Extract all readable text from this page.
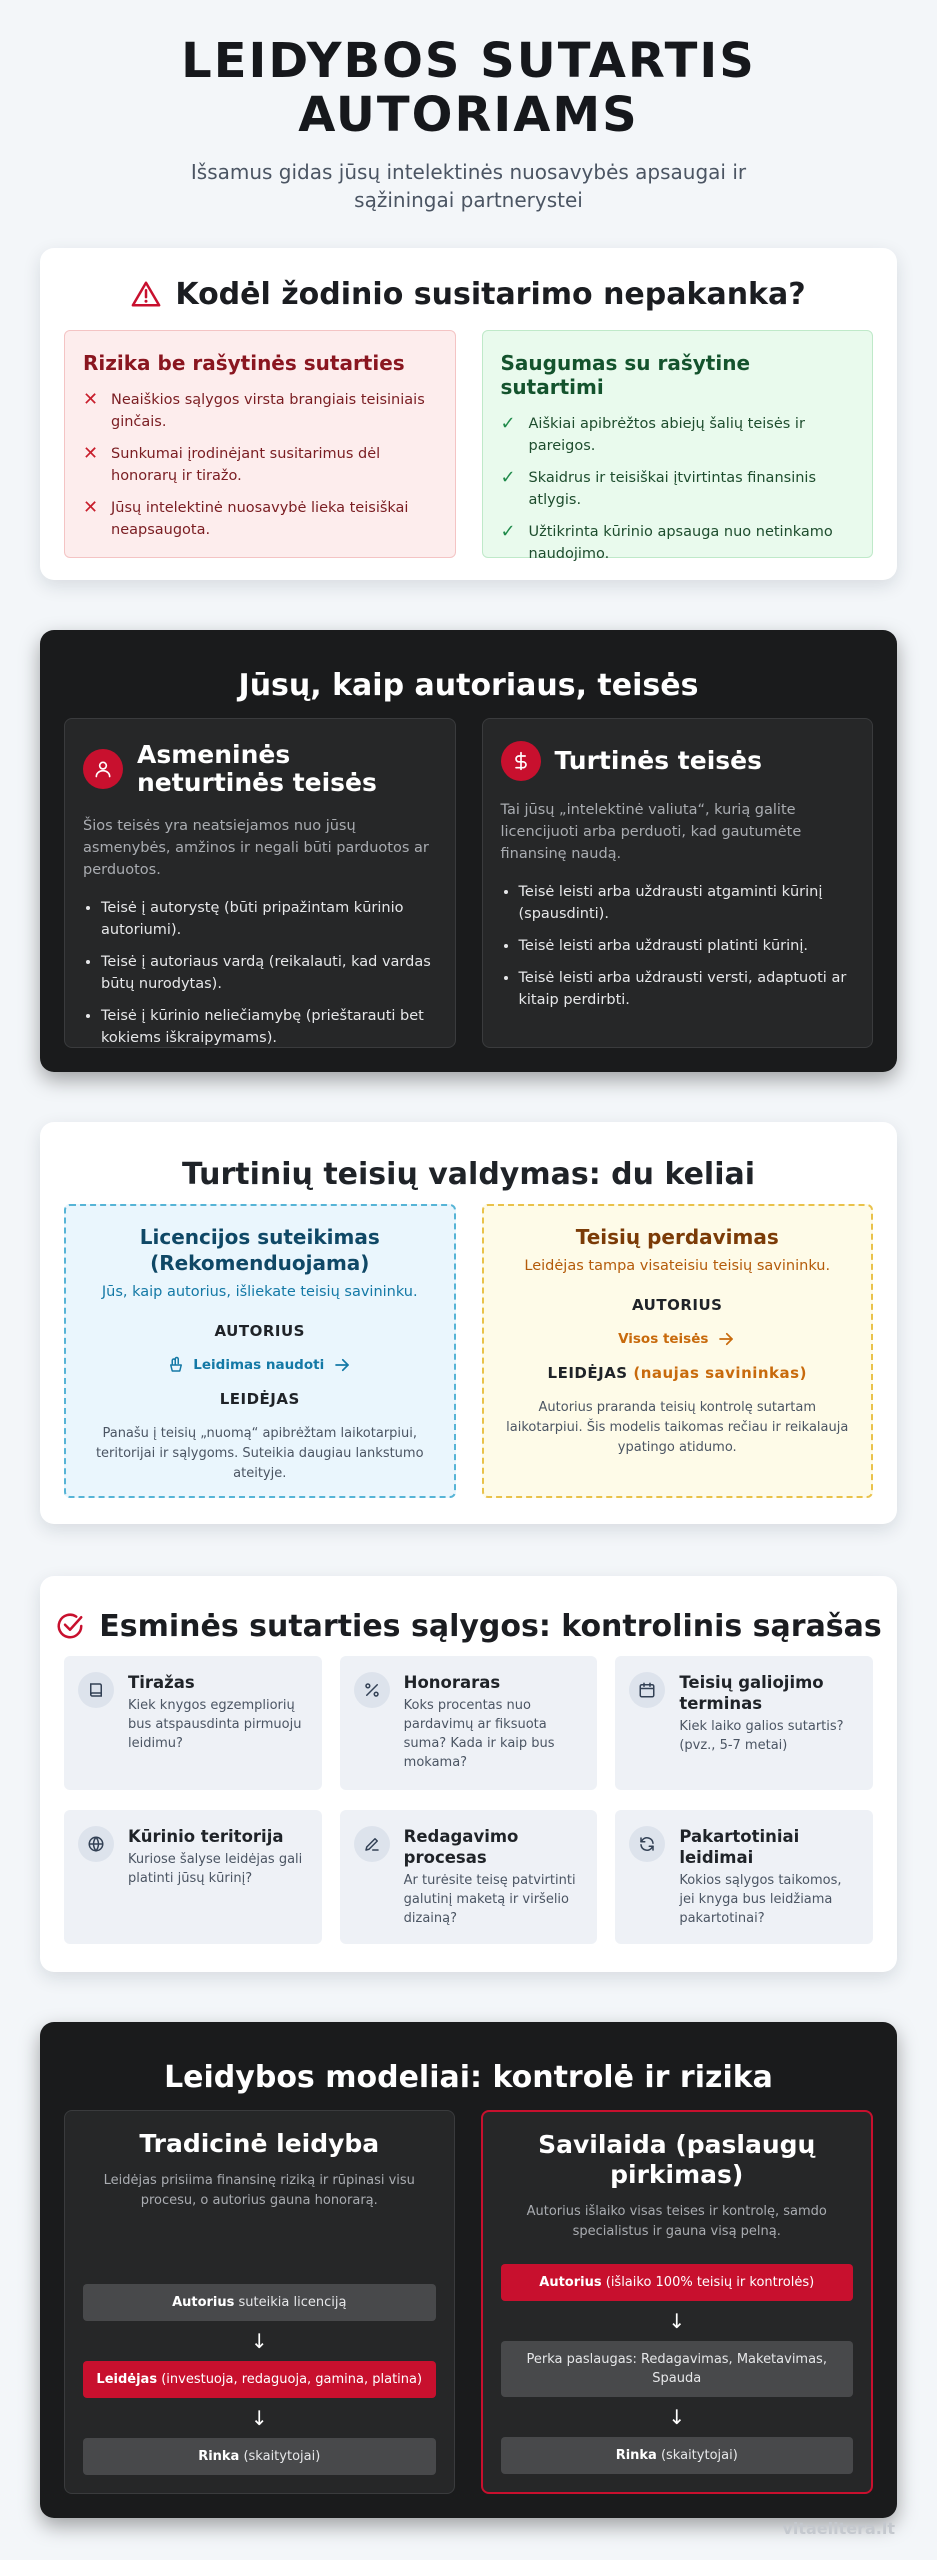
LEIDYBOS SUTARTIS AUTORIAMS

Išsamus gidas jūsų intelektinės nuosavybės apsaugai ir sąžiningai partnerystei

Kodėl žodinio susitarimo nepakanka?
Rizika be rašytinės sutarties
✕ Neaiškios sąlygos virsta brangiais teisiniais ginčais.
✕ Sunkumai įrodinėjant susitarimus dėl honorarų ir tiražo.
✕ Jūsų intelektinė nuosavybė lieka teisiškai neapsaugota.
Saugumas su rašytine sutartimi
✓ Aiškiai apibrėžtos abiejų šalių teisės ir pareigos.
✓ Skaidrus ir teisiškai įtvirtintas finansinis atlygis.
✓ Užtikrinta kūrinio apsauga nuo netinkamo naudojimo.
Jūsų, kaip autoriaus, teisės
Asmeninės neturtinės teisės

Šios teisės yra neatsiejamos nuo jūsų asmenybės, amžinos ir negali būti parduotos ar perduotos.

• Teisė į autorystę (būti pripažintam kūrinio autoriumi).
• Teisė į autoriaus vardą (reikalauti, kad vardas būtų nurodytas).
• Teisė į kūrinio neliečiamybę (prieštarauti bet kokiems iškraipymams).
Turtinės teisės

Tai jūsų „intelektinė valiuta“, kurią galite licencijuoti arba perduoti, kad gautumėte finansinę naudą.

• Teisė leisti arba uždrausti atgaminti kūrinį (spausdinti).
• Teisė leisti arba uždrausti platinti kūrinį.
• Teisė leisti arba uždrausti versti, adaptuoti ar kitaip perdirbti.
Turtinių teisių valdymas: du keliai
Licencijos suteikimas (Rekomenduojama)
Jūs, kaip autorius, išliekate teisių savininku.
AUTORIUS
Leidimas naudoti
LEIDĖJAS

Panašu į teisių „nuomą“ apibrėžtam laikotarpiui, teritorijai ir sąlygoms. Suteikia daugiau lankstumo ateityje.

Teisių perdavimas
Leidėjas tampa visateisiu teisių savininku.
AUTORIUS
Visos teisės
LEIDĖJAS (naujas savininkas)

Autorius praranda teisių kontrolę sutartam laikotarpiui. Šis modelis taikomas rečiau ir reikalauja ypatingo atidumo.

Esminės sutarties sąlygos: kontrolinis sąrašas
Tiražas

Kiek knygos egzempliorių bus atspausdinta pirmuoju leidimu?

Honoraras

Koks procentas nuo pardavimų ar fiksuota suma? Kada ir kaip bus mokama?

Teisių galiojimo terminas

Kiek laiko galios sutartis? (pvz., 5-7 metai)

Kūrinio teritorija

Kuriose šalyse leidėjas gali platinti jūsų kūrinį?

Redagavimo procesas

Ar turėsite teisę patvirtinti galutinį maketą ir viršelio dizainą?

Pakartotiniai leidimai

Kokios sąlygos taikomos, jei knyga bus leidžiama pakartotinai?

Leidybos modeliai: kontrolė ir rizika
Tradicinė leidyba

Leidėjas prisiima finansinę riziką ir rūpinasi visu procesu, o autorius gauna honorarą.

Autorius suteikia licenciją
↓
Leidėjas (investuoja, redaguoja, gamina, platina)
↓
Rinka (skaitytojai)
Savilaida (paslaugų pirkimas)

Autorius išlaiko visas teises ir kontrolę, samdo specialistus ir gauna visą pelną.

Autorius (išlaiko 100% teisių ir kontrolės)
↓
Perka paslaugas: Redagavimas, Maketavimas, Spauda
↓
Rinka (skaitytojai)
vitaelitera.lt
